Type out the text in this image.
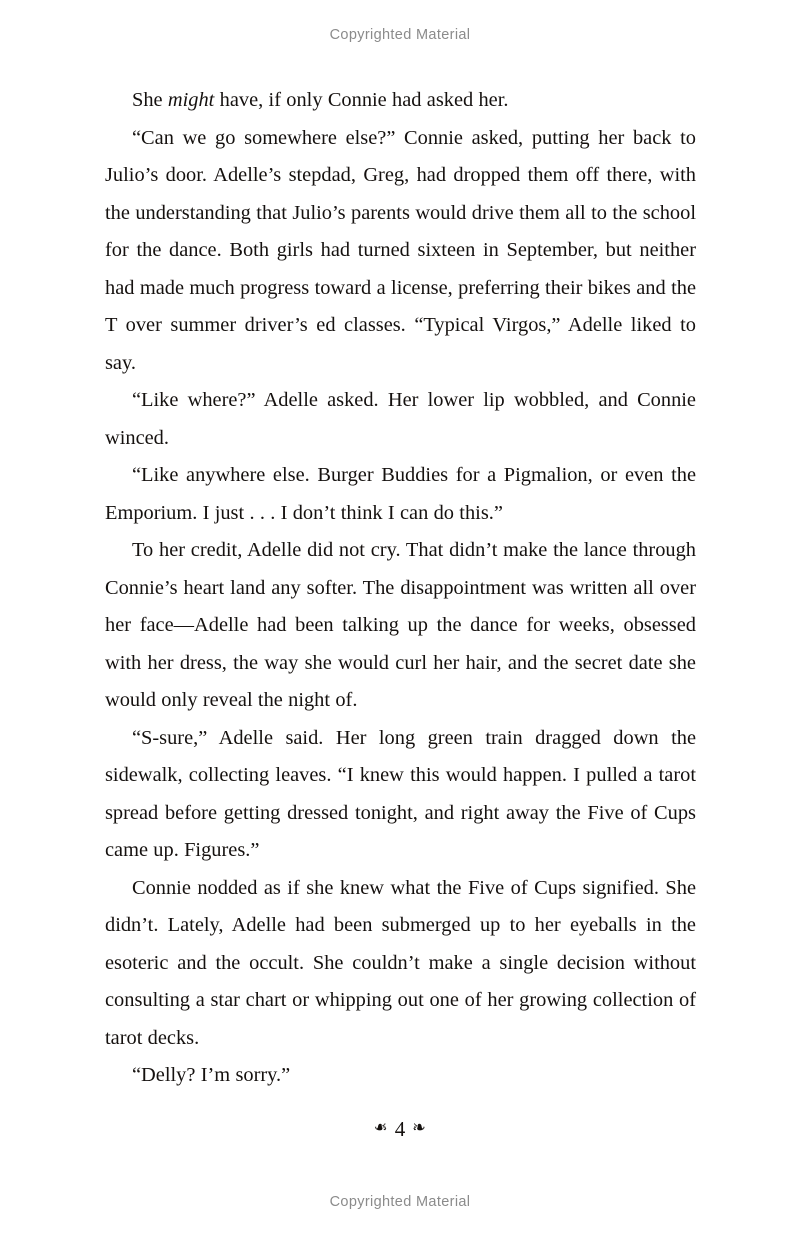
Copyrighted Material

She might have, if only Connie had asked her.

“Can we go somewhere else?” Connie asked, putting her back to Julio’s door. Adelle’s stepdad, Greg, had dropped them off there, with the understanding that Julio’s parents would drive them all to the school for the dance. Both girls had turned sixteen in September, but neither had made much progress toward a license, preferring their bikes and the T over summer driver’s ed classes. “Typical Virgos,” Adelle liked to say.

“Like where?” Adelle asked. Her lower lip wobbled, and Connie winced.

“Like anywhere else. Burger Buddies for a Pigmalion, or even the Emporium. I just . . . I don’t think I can do this.”

To her credit, Adelle did not cry. That didn’t make the lance through Connie’s heart land any softer. The disappointment was written all over her face—Adelle had been talking up the dance for weeks, obsessed with her dress, the way she would curl her hair, and the secret date she would only reveal the night of.

“S-sure,” Adelle said. Her long green train dragged down the sidewalk, collecting leaves. “I knew this would happen. I pulled a tarot spread before getting dressed tonight, and right away the Five of Cups came up. Figures.”

Connie nodded as if she knew what the Five of Cups signified. She didn’t. Lately, Adelle had been submerged up to her eyeballs in the esoteric and the occult. She couldn’t make a single decision without consulting a star chart or whipping out one of her growing collection of tarot decks.

“Delly? I’m sorry.”

❧ 4 ❧
Copyrighted Material
